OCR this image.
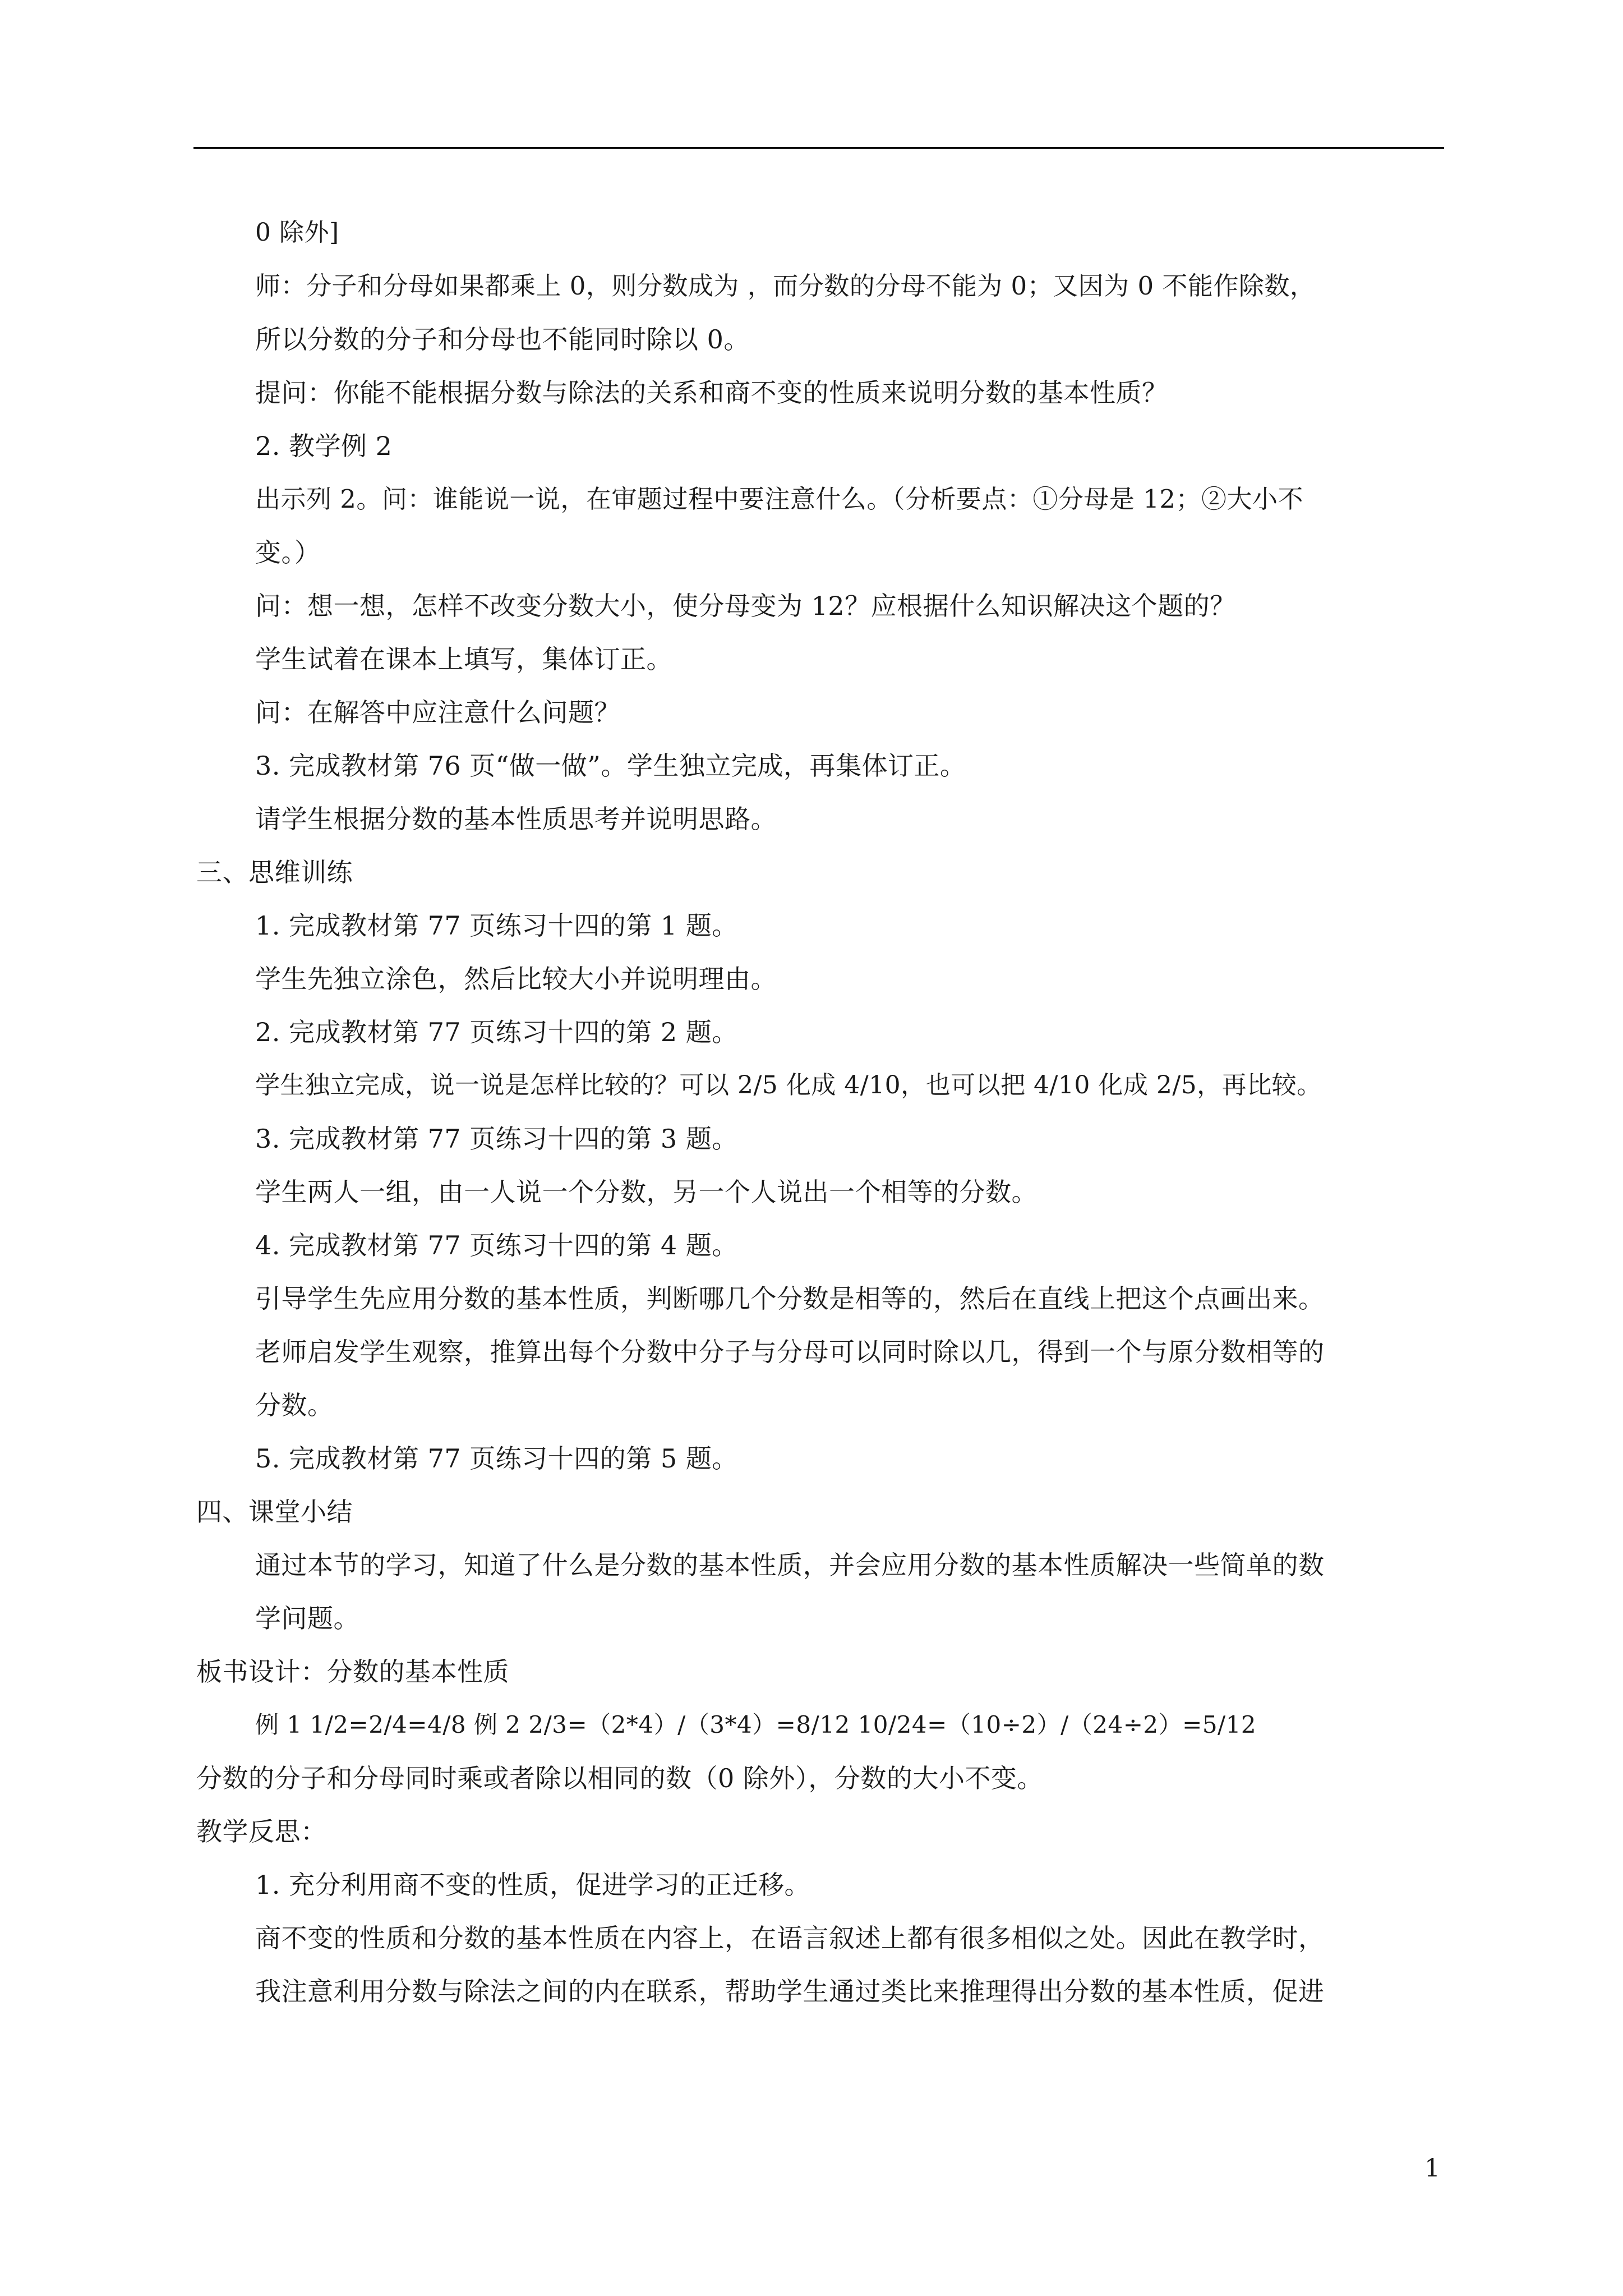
0 除外]
师：分子和分母如果都乘上 0，则分数成为 ，而分数的分母不能为 0；又因为 0 不能作除数，
所以分数的分子和分母也不能同时除以 0。
提问：你能不能根据分数与除法的关系和商不变的性质来说明分数的基本性质？
2. 教学例 2
出示列 2。问：谁能说一说，在审题过程中要注意什么。（分析要点：①分母是 12；②大小不
变。）
问：想一想，怎样不改变分数大小，使分母变为 12？应根据什么知识解决这个题的？
学生试着在课本上填写，集体订正。
问：在解答中应注意什么问题？
3. 完成教材第 76 页“做一做”。学生独立完成，再集体订正。
请学生根据分数的基本性质思考并说明思路。
三、思维训练
1. 完成教材第 77 页练习十四的第 1 题。
学生先独立涂色，然后比较大小并说明理由。
2. 完成教材第 77 页练习十四的第 2 题。
学生独立完成，说一说是怎样比较的？可以 2/5 化成 4/10，也可以把 4/10 化成 2/5，再比较。
3. 完成教材第 77 页练习十四的第 3 题。
学生两人一组，由一人说一个分数，另一个人说出一个相等的分数。
4. 完成教材第 77 页练习十四的第 4 题。
引导学生先应用分数的基本性质，判断哪几个分数是相等的，然后在直线上把这个点画出来。
老师启发学生观察，推算出每个分数中分子与分母可以同时除以几，得到一个与原分数相等的
分数。
5. 完成教材第 77 页练习十四的第 5 题。
四、课堂小结
通过本节的学习，知道了什么是分数的基本性质，并会应用分数的基本性质解决一些简单的数
学问题。
板书设计：分数的基本性质
例 1 1/2=2/4=4/8 例 2 2/3=（2*4）/（3*4）=8/12 10/24=（10÷2）/（24÷2）=5/12
分数的分子和分母同时乘或者除以相同的数（0 除外），分数的大小不变。
教学反思：
1. 充分利用商不变的性质，促进学习的正迁移。
商不变的性质和分数的基本性质在内容上，在语言叙述上都有很多相似之处。因此在教学时，
我注意利用分数与除法之间的内在联系，帮助学生通过类比来推理得出分数的基本性质，促进
1
